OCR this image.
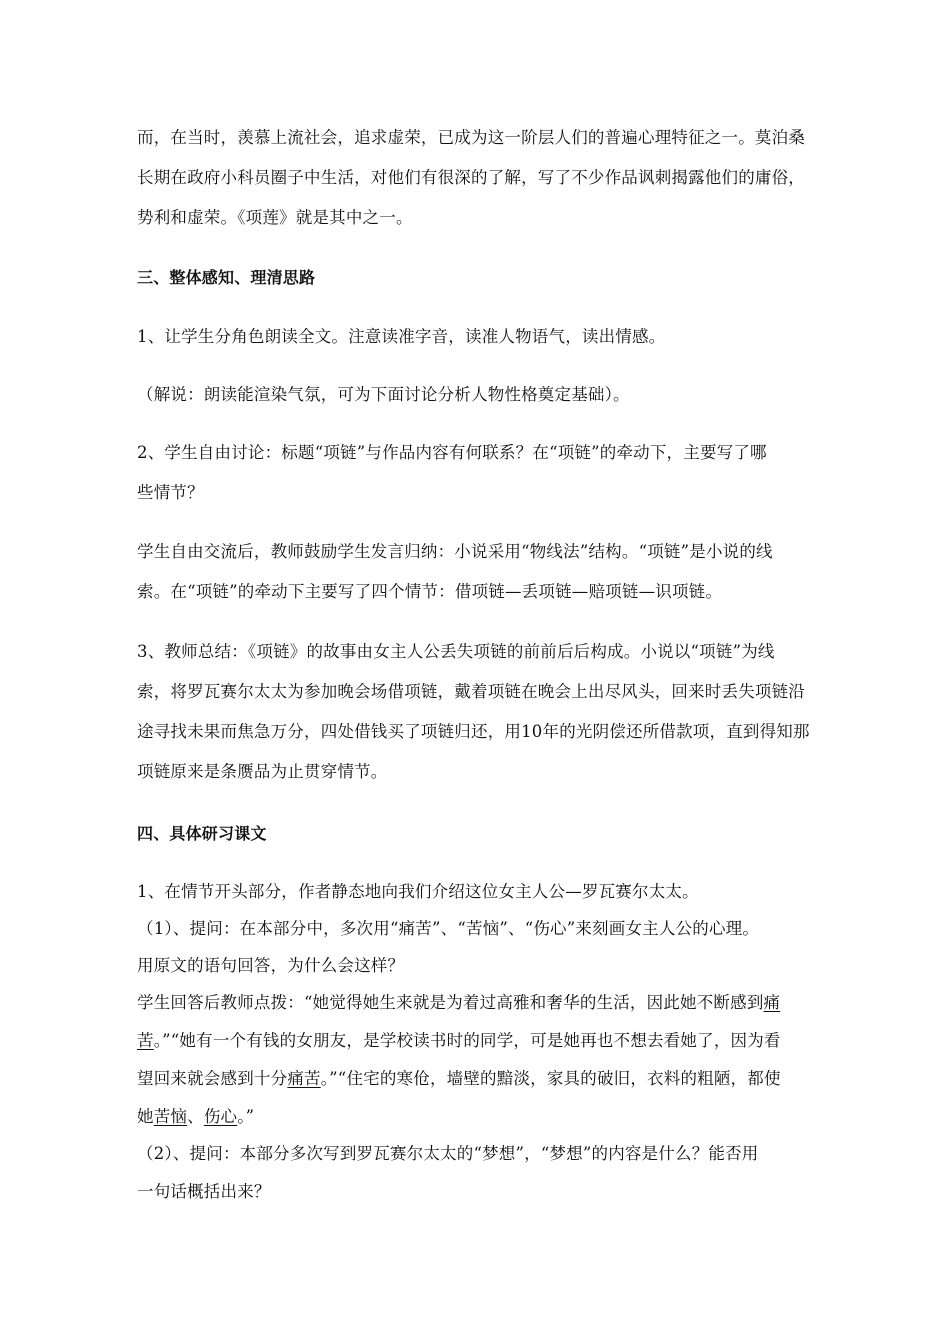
而，在当时，羡慕上流社会，追求虚荣，已成为这一阶层人们的普遍心理特征之一。莫泊桑
长期在政府小科员圈子中生活，对他们有很深的了解，写了不少作品讽刺揭露他们的庸俗，
势利和虚荣。《项莲》就是其中之一。
三、整体感知、理清思路
1、让学生分角色朗读全文。注意读准字音，读准人物语气，读出情感。
（解说：朗读能渲染气氛，可为下面讨论分析人物性格奠定基础）。
2、学生自由讨论：标题“项链”与作品内容有何联系？在“项链”的牵动下，主要写了哪
些情节？
学生自由交流后，教师鼓励学生发言归纳：小说采用“物线法”结构。“项链”是小说的线
索。在“项链”的牵动下主要写了四个情节：借项链—丢项链—赔项链—识项链。
3、教师总结：《项链》的故事由女主人公丢失项链的前前后后构成。小说以“项链”为线
索，将罗瓦赛尔太太为参加晚会场借项链，戴着项链在晚会上出尽风头，回来时丢失项链沿
途寻找未果而焦急万分，四处借钱买了项链归还，用10年的光阴偿还所借款项，直到得知那
项链原来是条赝品为止贯穿情节。
四、具体研习课文
1、在情节开头部分，作者静态地向我们介绍这位女主人公—罗瓦赛尔太太。
（1）、提问：在本部分中，多次用“痛苦”、“苦恼”、“伤心”来刻画女主人公的心理。
用原文的语句回答，为什么会这样？
学生回答后教师点拨：“她觉得她生来就是为着过高雅和奢华的生活，因此她不断感到痛
苦。”“她有一个有钱的女朋友，是学校读书时的同学，可是她再也不想去看她了，因为看
望回来就会感到十分痛苦。”“住宅的寒伧，墙壁的黯淡，家具的破旧，衣料的粗陋，都使
她苦恼、伤心。”
（2）、提问：本部分多次写到罗瓦赛尔太太的“梦想”，“梦想”的内容是什么？能否用
一句话概括出来？
